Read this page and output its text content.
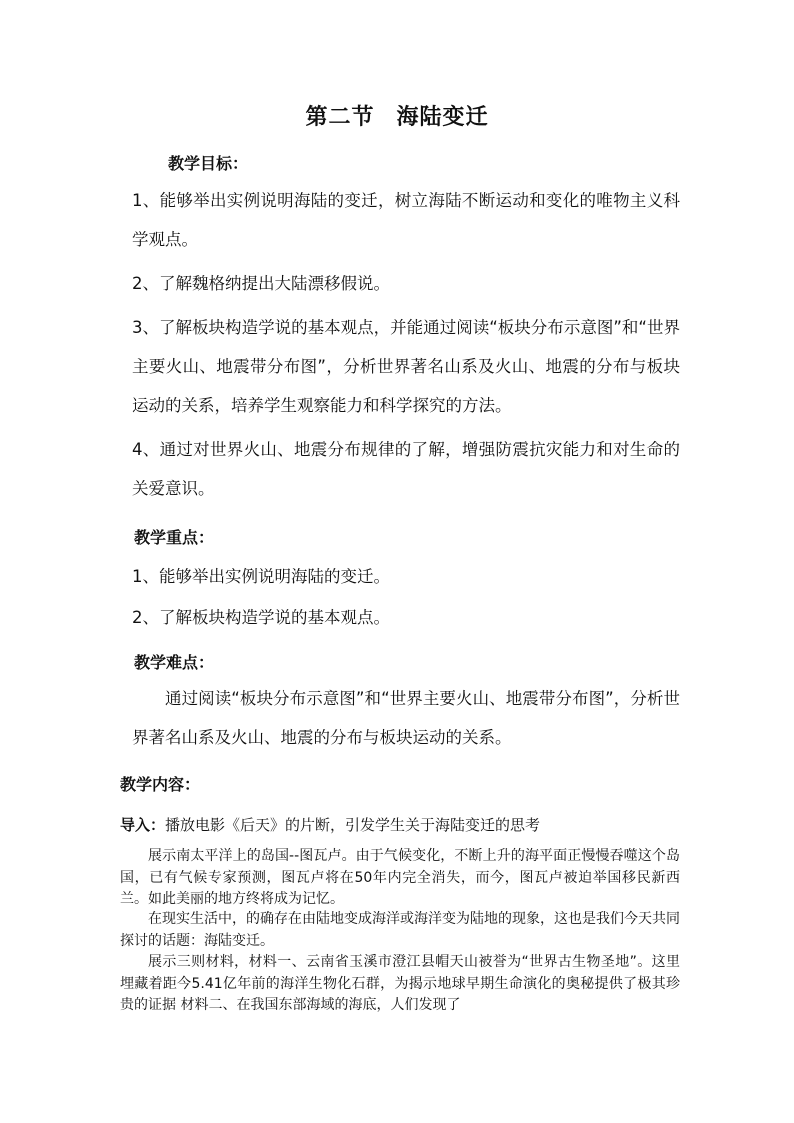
第二节 海陆变迁
教学目标：
1、能够举出实例说明海陆的变迁，树立海陆不断运动和变化的唯物主义科学观点。
2、了解魏格纳提出大陆漂移假说。
3、了解板块构造学说的基本观点，并能通过阅读“板块分布示意图”和“世界主要火山、地震带分布图”，分析世界著名山系及火山、地震的分布与板块运动的关系，培养学生观察能力和科学探究的方法。
4、通过对世界火山、地震分布规律的了解，增强防震抗灾能力和对生命的关爱意识。
教学重点：
1、能够举出实例说明海陆的变迁。
2、了解板块构造学说的基本观点。
教学难点：
通过阅读“板块分布示意图”和“世界主要火山、地震带分布图”，分析世界著名山系及火山、地震的分布与板块运动的关系。
教学内容：
导入：播放电影《后天》的片断，引发学生关于海陆变迁的思考
展示南太平洋上的岛国--图瓦卢。由于气候变化，不断上升的海平面正慢慢吞噬这个岛国，已有气候专家预测，图瓦卢将在50年内完全消失，而今，图瓦卢被迫举国移民新西兰。如此美丽的地方终将成为记忆。
在现实生活中，的确存在由陆地变成海洋或海洋变为陆地的现象，这也是我们今天共同探讨的话题：海陆变迁。
展示三则材料，材料一、云南省玉溪市澄江县帽天山被誉为“世界古生物圣地”。这里埋藏着距今5.41亿年前的海洋生物化石群，为揭示地球早期生命演化的奥秘提供了极其珍贵的证据 材料二、在我国东部海域的海底，人们发现了
